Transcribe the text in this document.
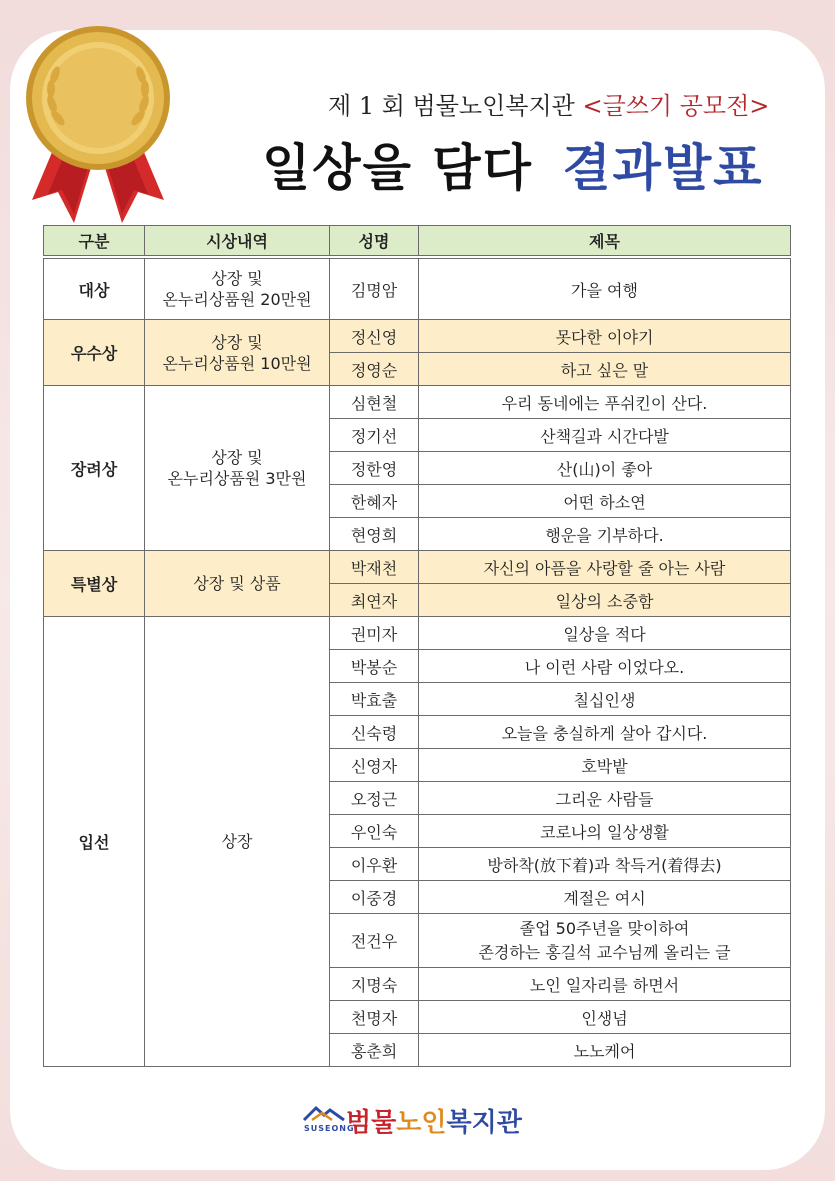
제 1 회 범물노인복지관 <글쓰기 공모전>
일상을 담다 결과발표
구분	시상내역	성명	제목

대상	상장 및
온누리상품원 20만원	김명암	가을 여행
우수상	상장 및
온누리상품원 10만원	정신영	못다한 이야기
		정영순	하고 싶은 말
장려상	상장 및
온누리상품원 3만원	심현철	우리 동네에는 푸쉬킨이 산다.
		정기선	산책길과 시간다발
		정한영	산(山)이 좋아
		한혜자	어떤 하소연
		현영희	행운을 기부하다.
특별상	상장 및 상품	박재천	자신의 아픔을 사랑할 줄 아는 사람
		최연자	일상의 소중함
입선	상장	권미자	일상을 적다
		박봉순	나 이런 사람 이었다오.
		박효출	칠십인생
		신숙령	오늘을 충실하게 살아 갑시다.
		신영자	호박밭
		오정근	그리운 사람들
		우인숙	코로나의 일상생활
		이우환	방하착(放下着)과 착득거(着得去)
		이중경	계절은 여시
		전건우	졸업 50주년을 맞이하여
존경하는 홍길석 교수님께 올리는 글
		지명숙	노인 일자리를 하면서
		천명자	인생넘
		홍춘희	노노케어
SUSEONG
범물노인복지관
